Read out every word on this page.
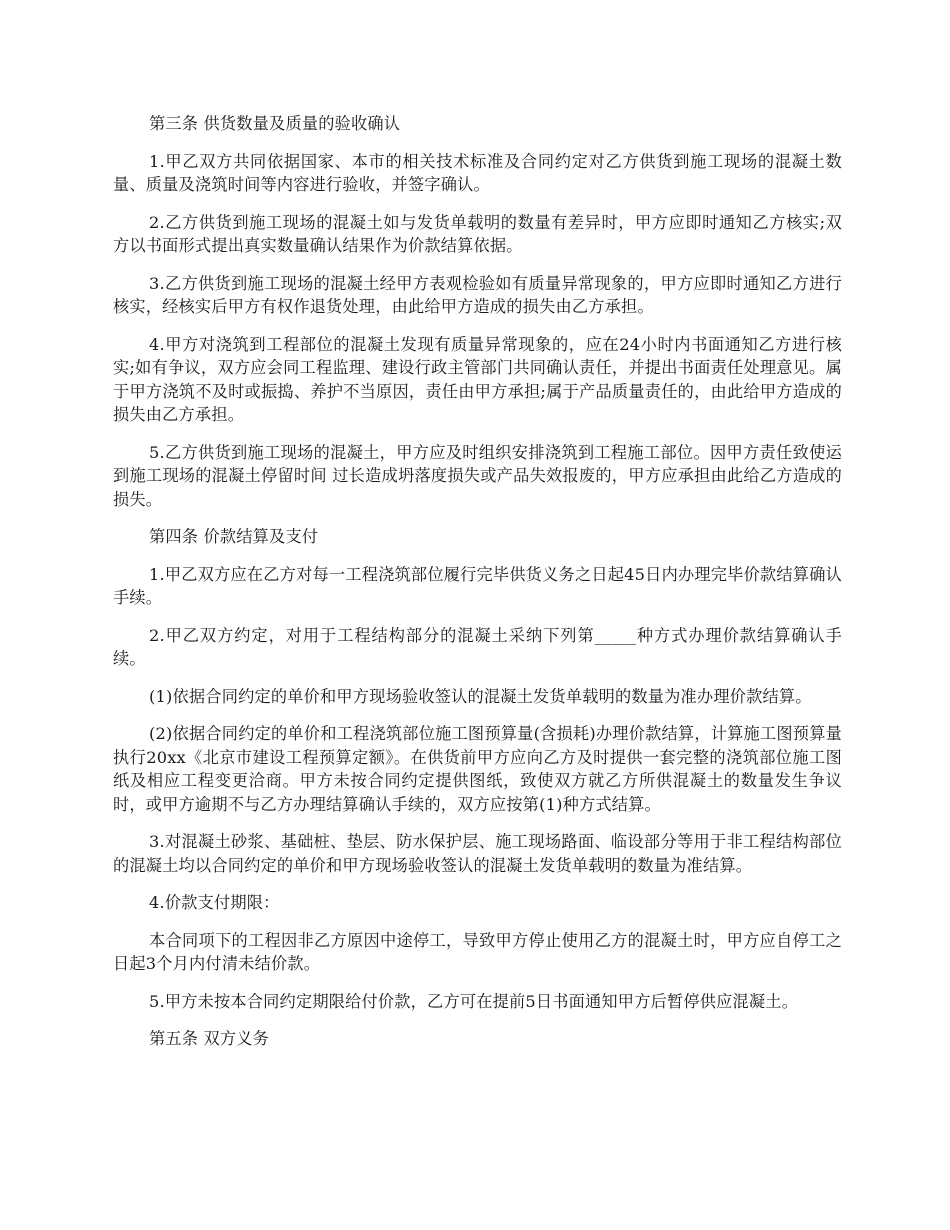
第三条 供货数量及质量的验收确认

1.甲乙双方共同依据国家、本市的相关技术标准及合同约定对乙方供货到施工现场的混凝土数量、质量及浇筑时间等内容进行验收，并签字确认。

2.乙方供货到施工现场的混凝土如与发货单载明的数量有差异时，甲方应即时通知乙方核实;双方以书面形式提出真实数量确认结果作为价款结算依据。

3.乙方供货到施工现场的混凝土经甲方表观检验如有质量异常现象的，甲方应即时通知乙方进行核实，经核实后甲方有权作退货处理，由此给甲方造成的损失由乙方承担。

4.甲方对浇筑到工程部位的混凝土发现有质量异常现象的，应在24小时内书面通知乙方进行核实;如有争议，双方应会同工程监理、建设行政主管部门共同确认责任，并提出书面责任处理意见。属于甲方浇筑不及时或振捣、养护不当原因，责任由甲方承担;属于产品质量责任的，由此给甲方造成的损失由乙方承担。

5.乙方供货到施工现场的混凝土，甲方应及时组织安排浇筑到工程施工部位。因甲方责任致使运到施工现场的混凝土停留时间 过长造成坍落度损失或产品失效报废的，甲方应承担由此给乙方造成的损失。

第四条 价款结算及支付

1.甲乙双方应在乙方对每一工程浇筑部位履行完毕供货义务之日起45日内办理完毕价款结算确认手续。

2.甲乙双方约定，对用于工程结构部分的混凝土采纳下列第_____种方式办理价款结算确认手续。

(1)依据合同约定的单价和甲方现场验收签认的混凝土发货单载明的数量为准办理价款结算。

(2)依据合同约定的单价和工程浇筑部位施工图预算量(含损耗)办理价款结算，计算施工图预算量执行20xx《北京市建设工程预算定额》。在供货前甲方应向乙方及时提供一套完整的浇筑部位施工图纸及相应工程变更洽商。甲方未按合同约定提供图纸，致使双方就乙方所供混凝土的数量发生争议时，或甲方逾期不与乙方办理结算确认手续的，双方应按第(1)种方式结算。

3.对混凝土砂浆、基础桩、垫层、防水保护层、施工现场路面、临设部分等用于非工程结构部位的混凝土均以合同约定的单价和甲方现场验收签认的混凝土发货单载明的数量为准结算。

4.价款支付期限：

本合同项下的工程因非乙方原因中途停工，导致甲方停止使用乙方的混凝土时，甲方应自停工之日起3个月内付清未结价款。

5.甲方未按本合同约定期限给付价款，乙方可在提前5日书面通知甲方后暂停供应混凝土。

第五条 双方义务
